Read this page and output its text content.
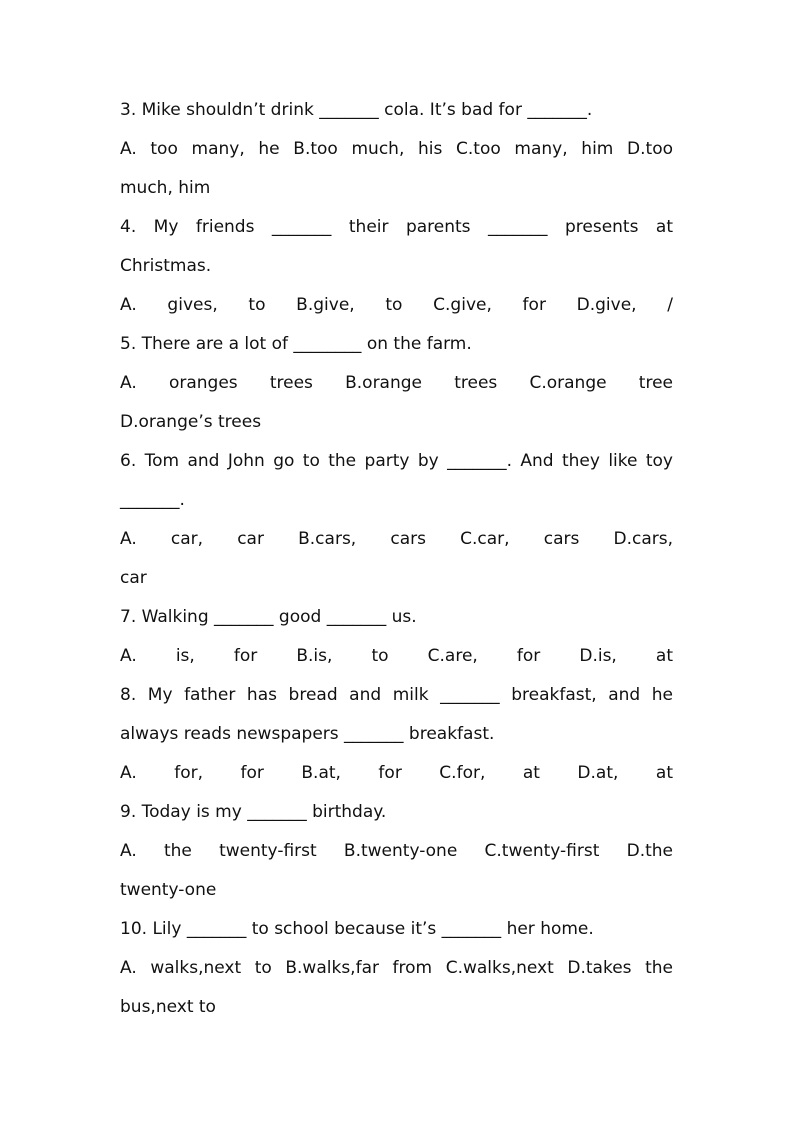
3. Mike shouldn’t drink _______ cola. It’s bad for _______.
A. too many, he B.too much, his C.too many, him D.too
much, him
4. My friends _______ their parents _______ presents at
Christmas.
A. gives, to B.give, to C.give, for D.give, /
5. There are a lot of ________ on the farm.
A. oranges trees B.orange trees C.orange tree
D.orange’s trees
6. Tom and John go to the party by _______. And they like toy
_______.
A. car, car B.cars, cars C.car, cars D.cars,
car
7. Walking _______ good _______ us.
A. is, for B.is, to C.are, for D.is, at
8. My father has bread and milk _______ breakfast, and he
always reads newspapers _______ breakfast.
A. for, for B.at, for C.for, at D.at, at
9. Today is my _______ birthday.
A. the twenty-first B.twenty-one C.twenty-first D.the
twenty-one
10. Lily _______ to school because it’s _______ her home.
A. walks,next to B.walks,far from C.walks,next D.takes the
bus,next to
